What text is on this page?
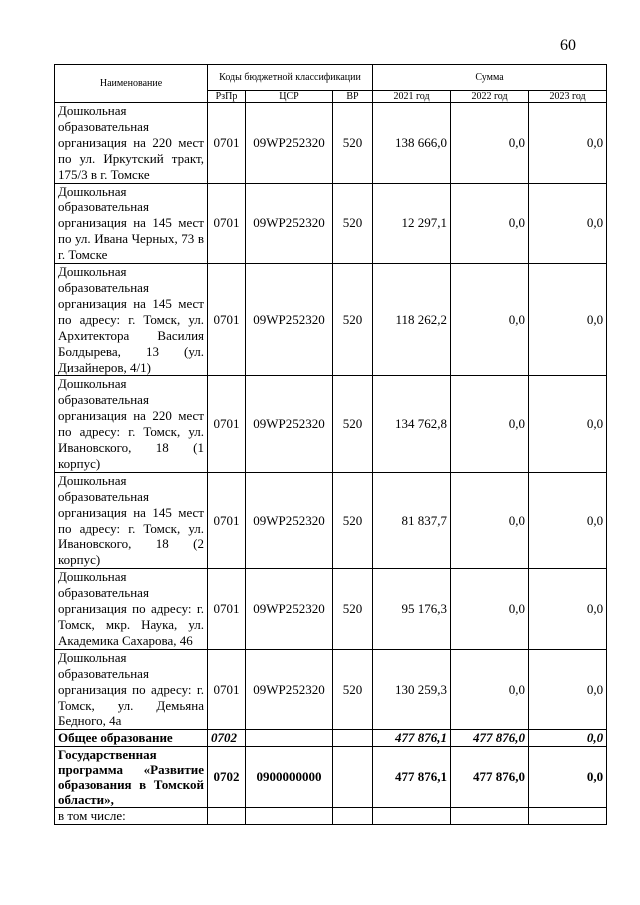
60
Наименование	Коды бюджетной классификации			Сумма		
	РзПр	ЦСР	ВР	2021 год	2022 год	2023 год
Дошкольная образовательная организация на 220 мест по ул. Иркутский тракт, 175/3 в г. Томске	0701	09WP252320	520	138 666,0	0,0	0,0
Дошкольная образовательная организация на 145 мест по ул. Ивана Черных, 73 в г. Томске	0701	09WP252320	520	12 297,1	0,0	0,0
Дошкольная образовательная организация на 145 мест по адресу: г. Томск, ул. Архитектора Василия Болдырева, 13 (ул. Дизайнеров, 4/1)	0701	09WP252320	520	118 262,2	0,0	0,0
Дошкольная образовательная организация на 220 мест по адресу: г. Томск, ул. Ивановского, 18 (1 корпус)	0701	09WP252320	520	134 762,8	0,0	0,0
Дошкольная образовательная организация на 145 мест по адресу: г. Томск, ул. Ивановского, 18 (2 корпус)	0701	09WP252320	520	81 837,7	0,0	0,0
Дошкольная образовательная организация по адресу: г. Томск, мкр. Наука, ул. Академика Сахарова, 46	0701	09WP252320	520	95 176,3	0,0	0,0
Дошкольная образовательная организация по адресу: г. Томск, ул. Демьяна Бедного, 4а	0701	09WP252320	520	130 259,3	0,0	0,0
Общее образование	0702			477 876,1	477 876,0	0,0
Государственная программа «Развитие образования в Томской области»,	0702	0900000000		477 876,1	477 876,0	0,0
в том числе:						
